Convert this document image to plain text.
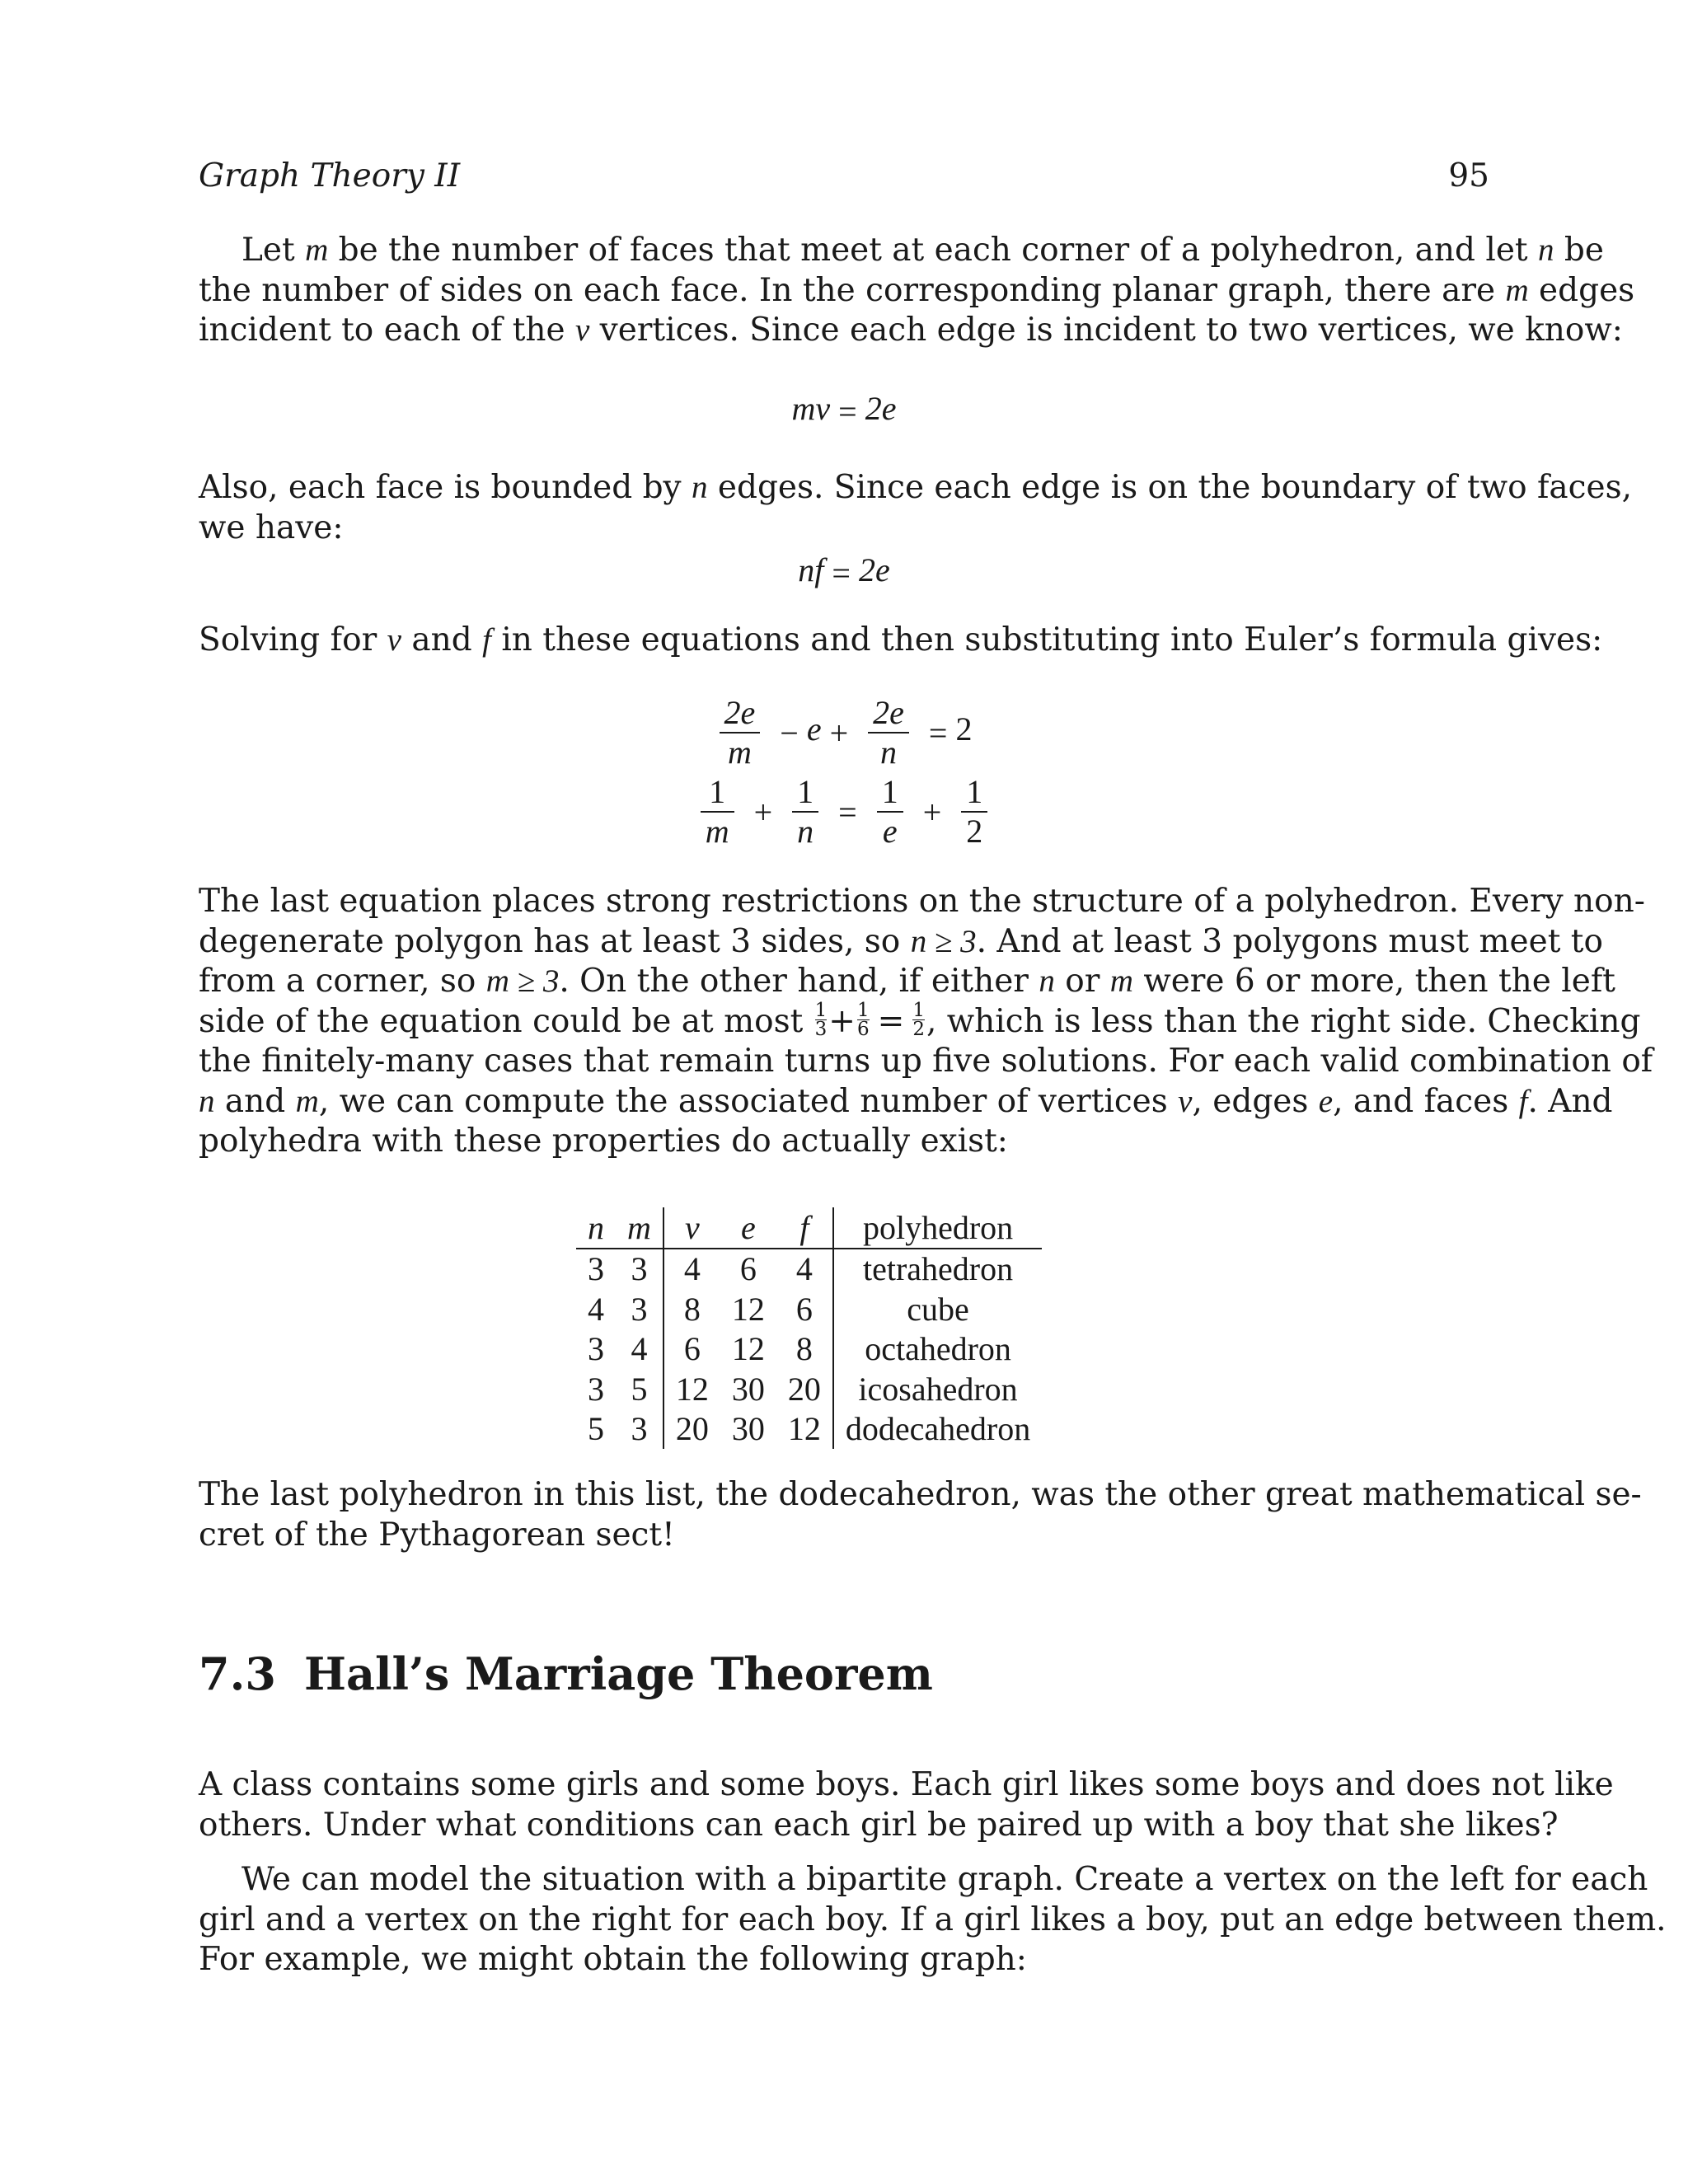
Graph Theory II	95
Let m be the number of faces that meet at each corner of a polyhedron, and let n be
the number of sides on each face. In the corresponding planar graph, there are m edges
incident to each of the v vertices. Since each edge is incident to two vertices, we know:
mv = 2e
Also, each face is bounded by n edges. Since each edge is on the boundary of two faces,
we have:
nf = 2e
Solving for v and f in these equations and then substituting into Euler’s formula gives:
$\frac{2e}{m} - e + \frac{2e}{n} = 2$
$\frac{1}{m} + \frac{1}{n} = \frac{1}{e} + \frac{1}{2}$
The last equation places strong restrictions on the structure of a polyhedron. Every non-
degenerate polygon has at least 3 sides, so n ≥ 3. And at least 3 polygons must meet to
from a corner, so m ≥ 3. On the other hand, if either n or m were 6 or more, then the left
side of the equation could be at most $\frac{1}{3} + \frac{1}{6} = \frac{1}{2}$ , which is less than the right side. Checking
the finitely-many cases that remain turns up five solutions. For each valid combination of
n and m, we can compute the associated number of vertices v, edges e, and faces f. And
polyhedra with these properties do actually exist:
n	m	v	e	f	polyhedron
3	3	4	6	4	tetrahedron
4	3	8	12	6	cube
3	4	6	12	8	octahedron
3	5	12	30	20	icosahedron
5	3	20	30	12	dodecahedron
The last polyhedron in this list, the dodecahedron, was the other great mathematical se-
cret of the Pythagorean sect!
7.3 Hall’s Marriage Theorem
A class contains some girls and some boys. Each girl likes some boys and does not like
others. Under what conditions can each girl be paired up with a boy that she likes?
We can model the situation with a bipartite graph. Create a vertex on the left for each
girl and a vertex on the right for each boy. If a girl likes a boy, put an edge between them.
For example, we might obtain the following graph:
